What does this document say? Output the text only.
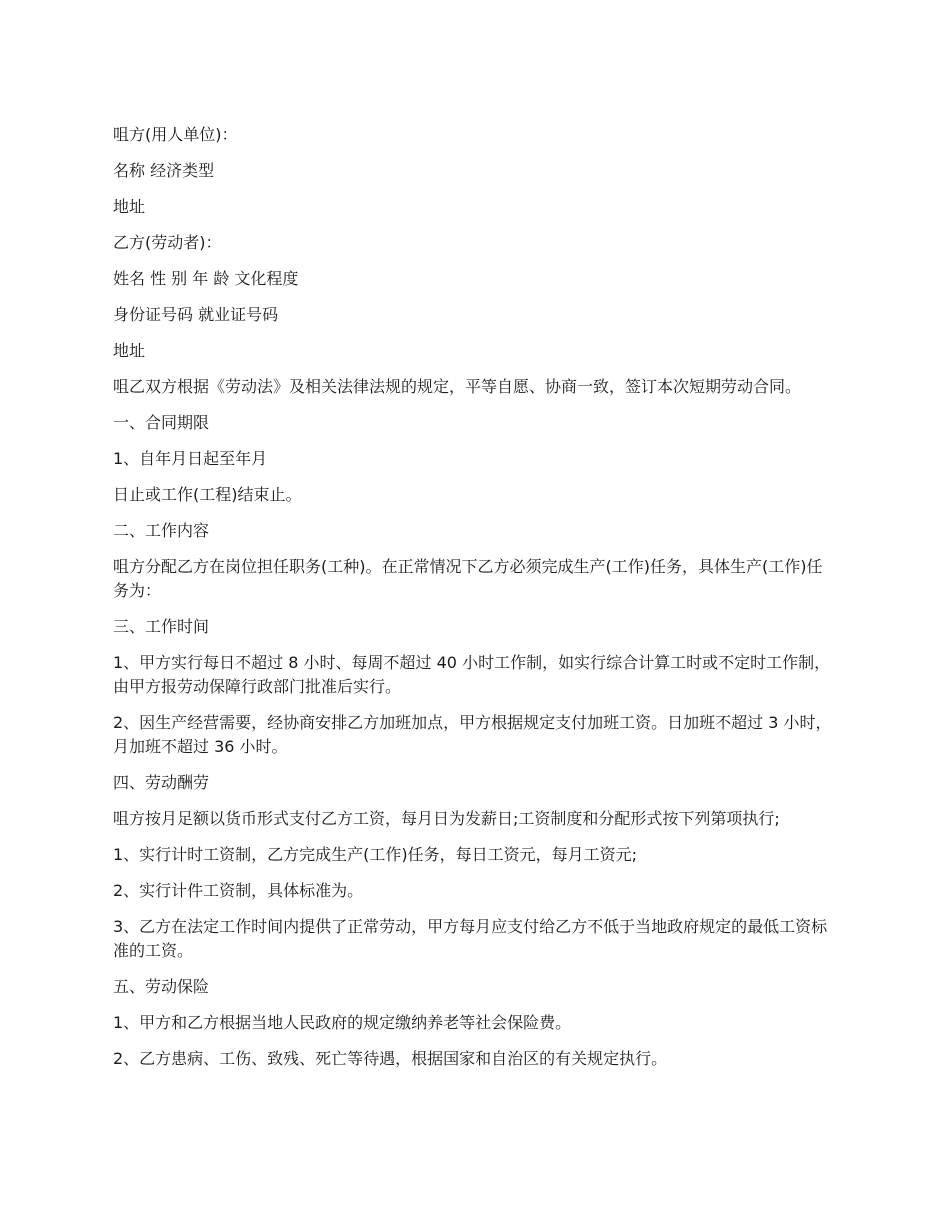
咀方(用人单位)：

名称 经济类型

地址

乙方(劳动者)：

姓名 性 别 年 龄 文化程度

身份证号码 就业证号码

地址

咀乙双方根据《劳动法》及相关法律法规的规定，平等自愿、协商一致，签订本次短期劳动合同。

一、合同期限

1、自年月日起至年月

日止或工作(工程)结束止。

二、工作内容

咀方分配乙方在岗位担任职务(工种)。在正常情况下乙方必须完成生产(工作)任务，具体生产(工作)任务为：

三、工作时间

1、甲方实行每日不超过 8 小时、每周不超过 40 小时工作制，如实行综合计算工时或不定时工作制，由甲方报劳动保障行政部门批准后实行。

2、因生产经营需要，经协商安排乙方加班加点，甲方根据规定支付加班工资。日加班不超过 3 小时，月加班不超过 36 小时。

四、劳动酬劳

咀方按月足额以货币形式支付乙方工资，每月日为发薪日;工资制度和分配形式按下列第项执行;

1、实行计时工资制，乙方完成生产(工作)任务，每日工资元，每月工资元;

2、实行计件工资制，具体标准为。

3、乙方在法定工作时间内提供了正常劳动，甲方每月应支付给乙方不低于当地政府规定的最低工资标准的工资。

五、劳动保险

1、甲方和乙方根据当地人民政府的规定缴纳养老等社会保险费。

2、乙方患病、工伤、致残、死亡等待遇，根据国家和自治区的有关规定执行。
